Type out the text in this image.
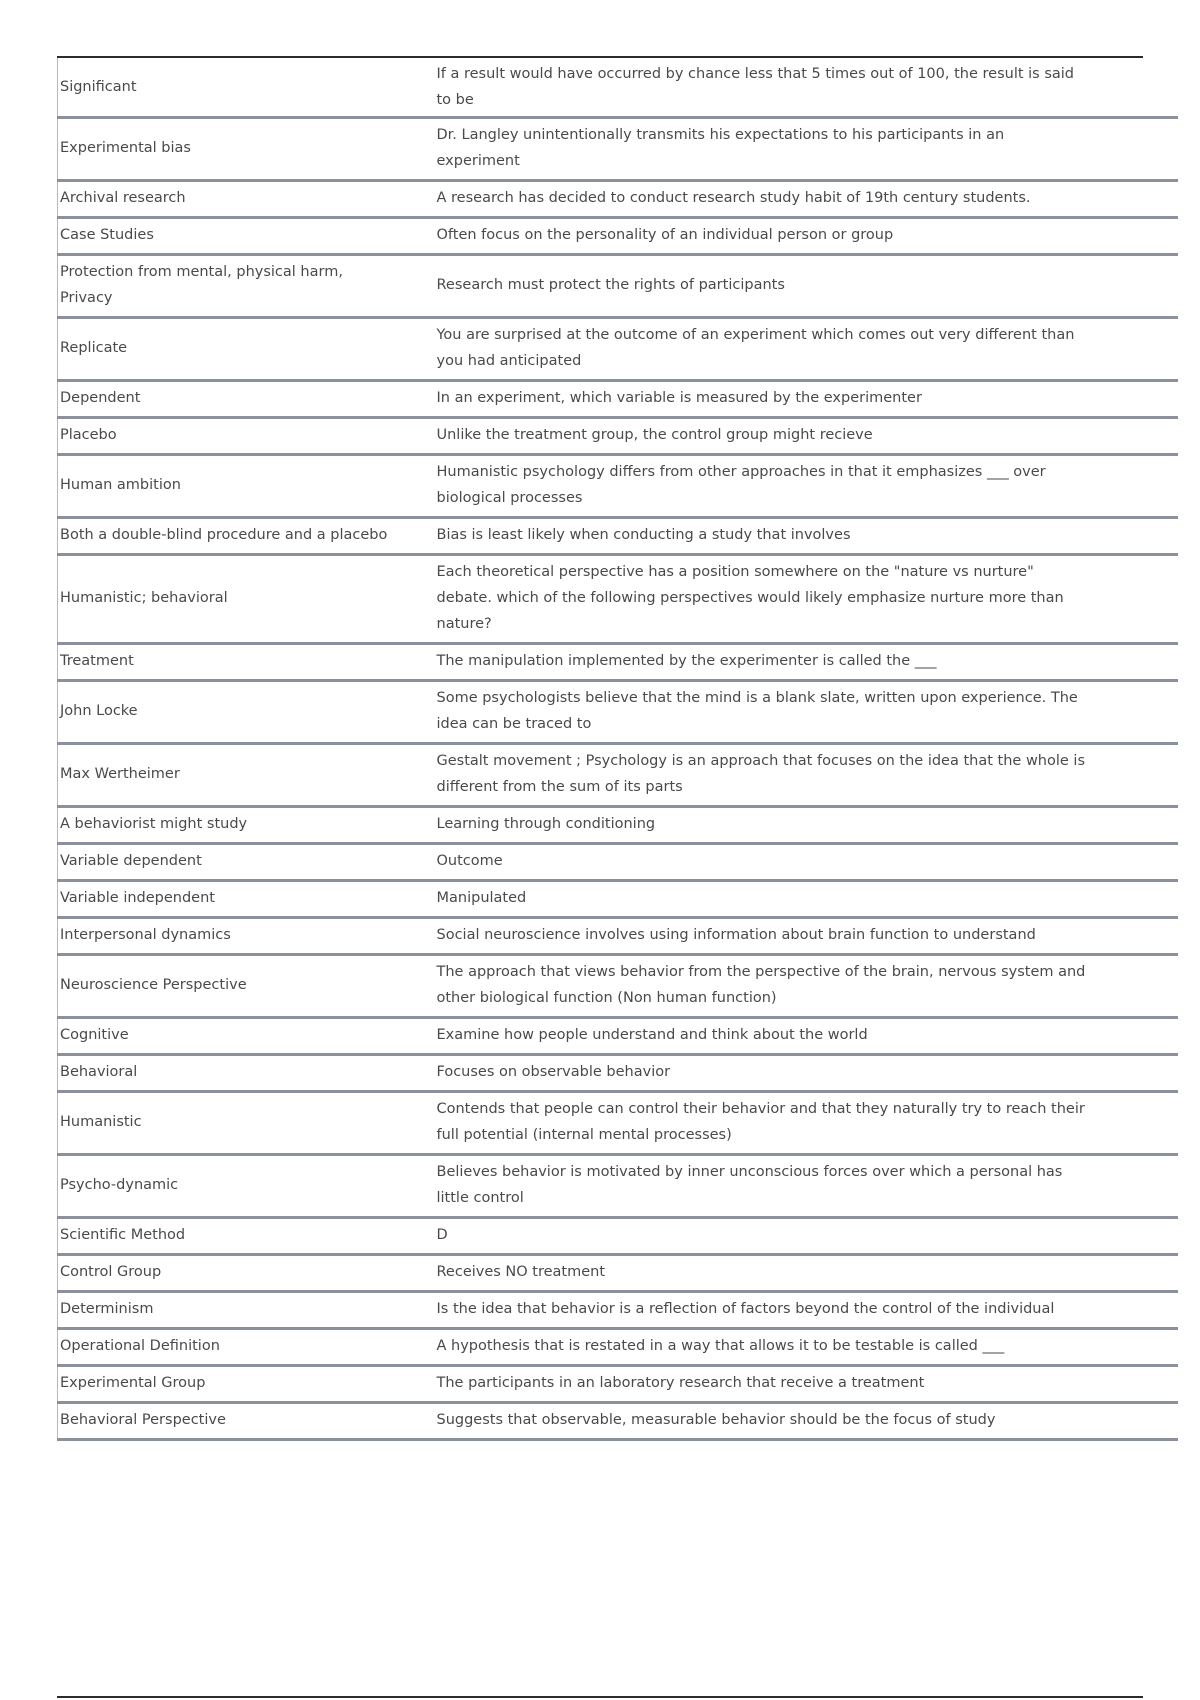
Significant	If a result would have occurred by chance less that 5 times out of 100, the result is said to be

Experimental bias	Dr. Langley unintentionally transmits his expectations to his participants in an experiment

Archival research	A research has decided to conduct research study habit of 19th century students.

Case Studies	Often focus on the personality of an individual person or group

Protection from mental, physical harm, Privacy	Research must protect the rights of participants

Replicate	You are surprised at the outcome of an experiment which comes out very different than you had anticipated

Dependent	In an experiment, which variable is measured by the experimenter

Placebo	Unlike the treatment group, the control group might recieve

Human ambition	Humanistic psychology differs from other approaches in that it emphasizes ___ over biological processes

Both a double-blind procedure and a placebo	Bias is least likely when conducting a study that involves

Humanistic; behavioral	Each theoretical perspective has a position somewhere on the "nature vs nurture" debate. which of the following perspectives would likely emphasize nurture more than nature?

Treatment	The manipulation implemented by the experimenter is called the ___

John Locke	Some psychologists believe that the mind is a blank slate, written upon experience. The idea can be traced to

Max Wertheimer	Gestalt movement ; Psychology is an approach that focuses on the idea that the whole is different from the sum of its parts

A behaviorist might study	Learning through conditioning

Variable dependent	Outcome

Variable independent	Manipulated

Interpersonal dynamics	Social neuroscience involves using information about brain function to understand

Neuroscience Perspective	The approach that views behavior from the perspective of the brain, nervous system and other biological function (Non human function)

Cognitive	Examine how people understand and think about the world

Behavioral	Focuses on observable behavior

Humanistic	Contends that people can control their behavior and that they naturally try to reach their full potential (internal mental processes)

Psycho-dynamic	Believes behavior is motivated by inner unconscious forces over which a personal has little control

Scientific Method	D

Control Group	Receives NO treatment

Determinism	Is the idea that behavior is a reflection of factors beyond the control of the individual

Operational Definition	A hypothesis that is restated in a way that allows it to be testable is called ___

Experimental Group	The participants in an laboratory research that receive a treatment

Behavioral Perspective	Suggests that observable, measurable behavior should be the focus of study
